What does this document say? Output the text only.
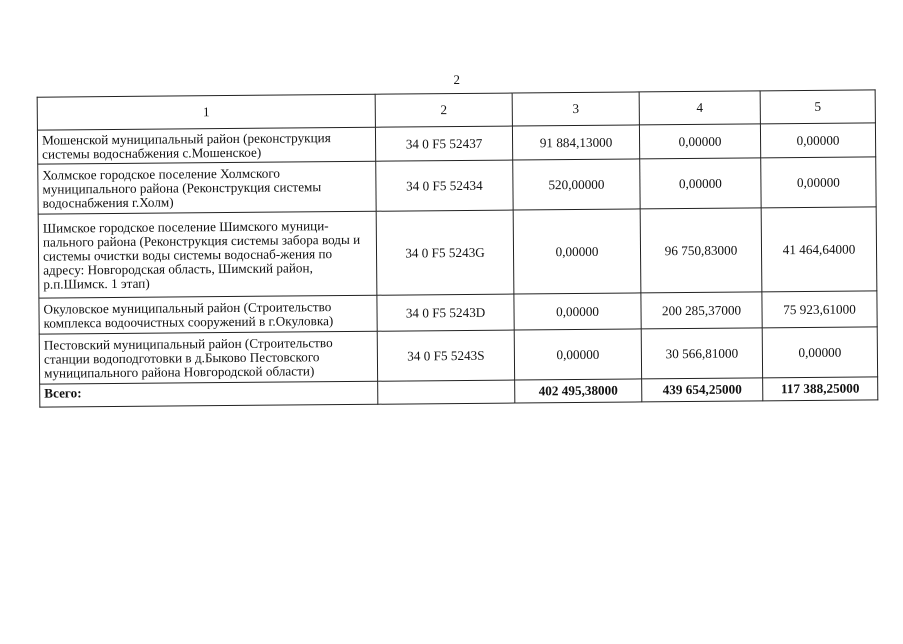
2
1	2	3	4	5
Мошенской муниципальный район (реконструкция системы водоснабжения с.Мошенское)	34 0 F5 52437	91 884,13000	0,00000	0,00000
Холмское городское поселение Холмского муниципального района (Реконструкция системы водоснабжения г.Холм)	34 0 F5 52434	520,00000	0,00000	0,00000
Шимское городское поселение Шимского муници-пального района (Реконструкция системы забора воды и системы очистки воды системы водоснаб-жения по адресу: Новгородская область, Шимский район, р.п.Шимск. 1 этап)	34 0 F5 5243G	0,00000	96 750,83000	41 464,64000
Окуловское муниципальный район (Строительство комплекса водоочистных сооружений в г.Окуловка)	34 0 F5 5243D	0,00000	200 285,37000	75 923,61000
Пестовский муниципальный район (Строительство станции водоподготовки в д.Быково Пестовского муниципального района Новгородской области)	34 0 F5 5243S	0,00000	30 566,81000	0,00000
Всего:		402 495,38000	439 654,25000	117 388,25000
